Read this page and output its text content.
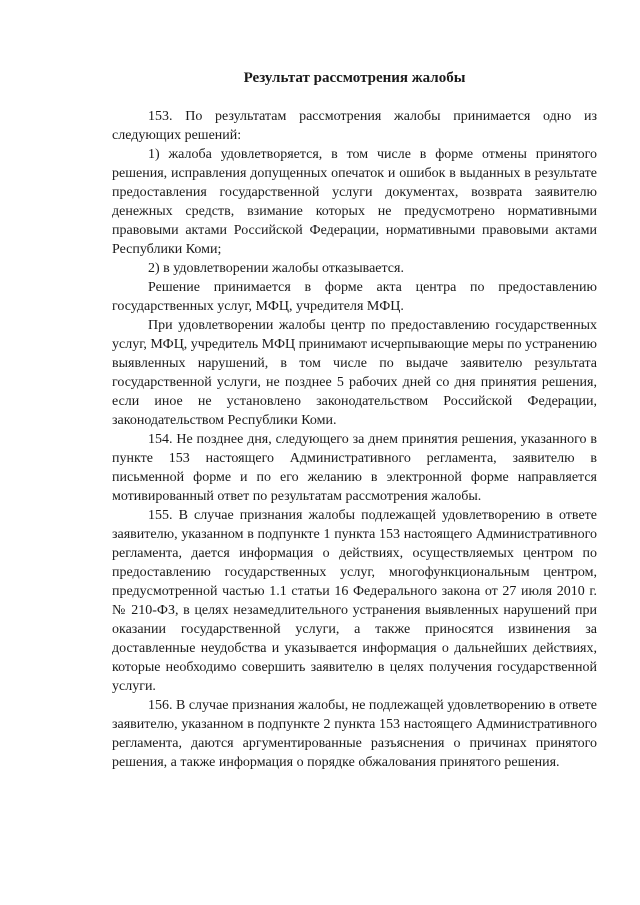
Результат рассмотрения жалобы

153. По результатам рассмотрения жалобы принимается одно из следующих решений:

1) жалоба удовлетворяется, в том числе в форме отмены принятого решения, исправления допущенных опечаток и ошибок в выданных в результате предоставления государственной услуги документах, возврата заявителю денежных средств, взимание которых не предусмотрено нормативными правовыми актами Российской Федерации, нормативными правовыми актами Республики Коми;

2) в удовлетворении жалобы отказывается.

Решение принимается в форме акта центра по предоставлению государственных услуг, МФЦ, учредителя МФЦ.

При удовлетворении жалобы центр по предоставлению государственных услуг, МФЦ, учредитель МФЦ принимают исчерпывающие меры по устранению выявленных нарушений, в том числе по выдаче заявителю результата государственной услуги, не позднее 5 рабочих дней со дня принятия решения, если иное не установлено законодательством Российской Федерации, законодательством Республики Коми.

154. Не позднее дня, следующего за днем принятия решения, указанного в пункте 153 настоящего Административного регламента, заявителю в письменной форме и по его желанию в электронной форме направляется мотивированный ответ по результатам рассмотрения жалобы.

155. В случае признания жалобы подлежащей удовлетворению в ответе заявителю, указанном в подпункте 1 пункта 153 настоящего Административного регламента, дается информация о действиях, осуществляемых центром по предоставлению государственных услуг, многофункциональным центром, предусмотренной частью 1.1 статьи 16 Федерального закона от 27 июля 2010 г. № 210-ФЗ, в целях незамедлительного устранения выявленных нарушений при оказании государственной услуги, а также приносятся извинения за доставленные неудобства и указывается информация о дальнейших действиях, которые необходимо совершить заявителю в целях получения государственной услуги.

156. В случае признания жалобы, не подлежащей удовлетворению в ответе заявителю, указанном в подпункте 2 пункта 153 настоящего Административного регламента, даются аргументированные разъяснения о причинах принятого решения, а также информация о порядке обжалования принятого решения.
